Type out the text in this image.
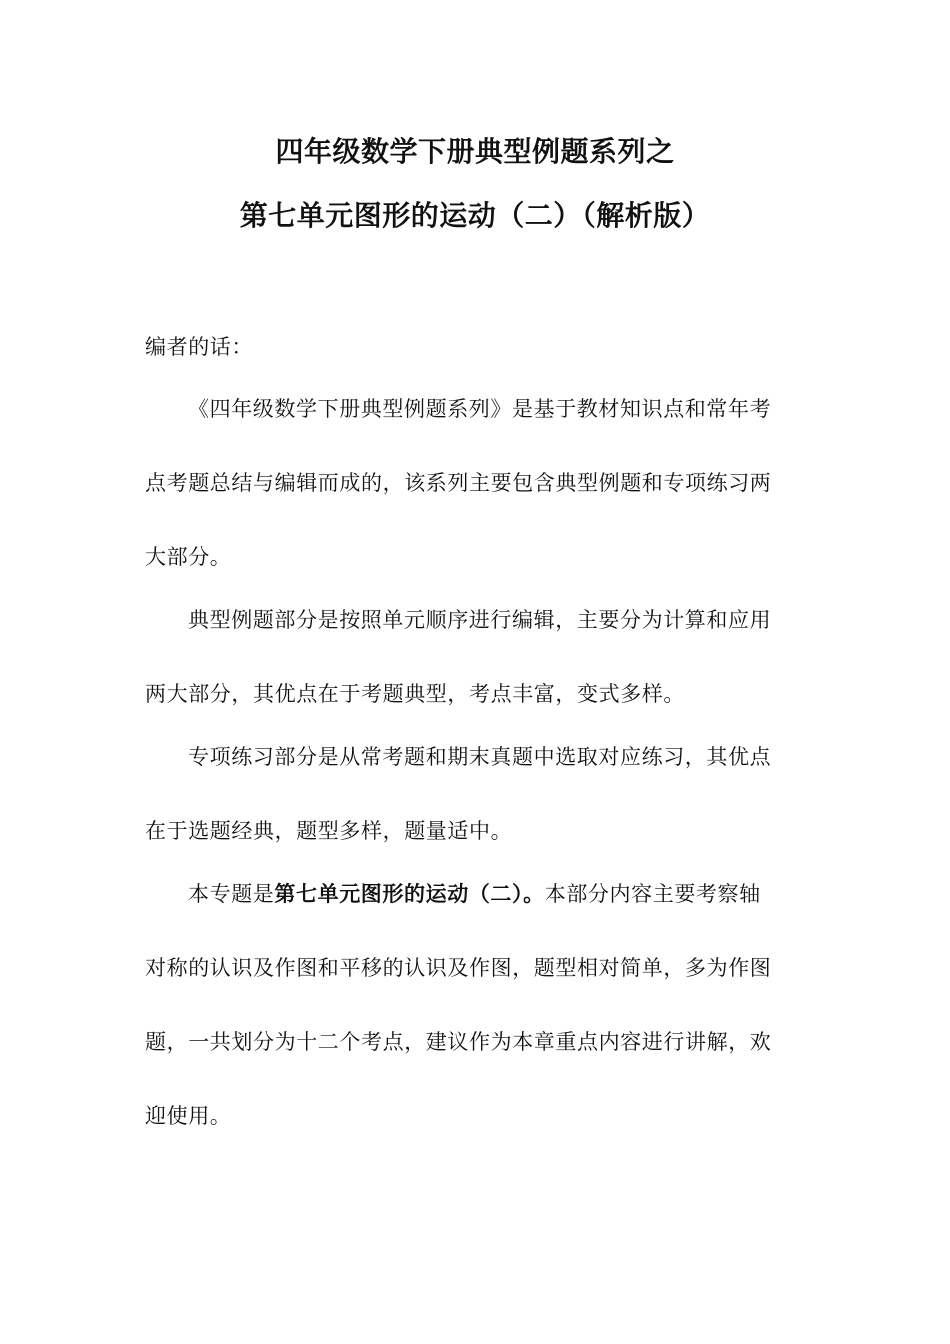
四年级数学下册典型例题系列之
第七单元图形的运动（二）（解析版）
编者的话：
《四年级数学下册典型例题系列》是基于教材知识点和常年考
点考题总结与编辑而成的，该系列主要包含典型例题和专项练习两
大部分。
典型例题部分是按照单元顺序进行编辑，主要分为计算和应用
两大部分，其优点在于考题典型，考点丰富，变式多样。
专项练习部分是从常考题和期末真题中选取对应练习，其优点
在于选题经典，题型多样，题量适中。
本专题是第七单元图形的运动（二）。本部分内容主要考察轴
对称的认识及作图和平移的认识及作图，题型相对简单，多为作图
题，一共划分为十二个考点，建议作为本章重点内容进行讲解，欢
迎使用。
